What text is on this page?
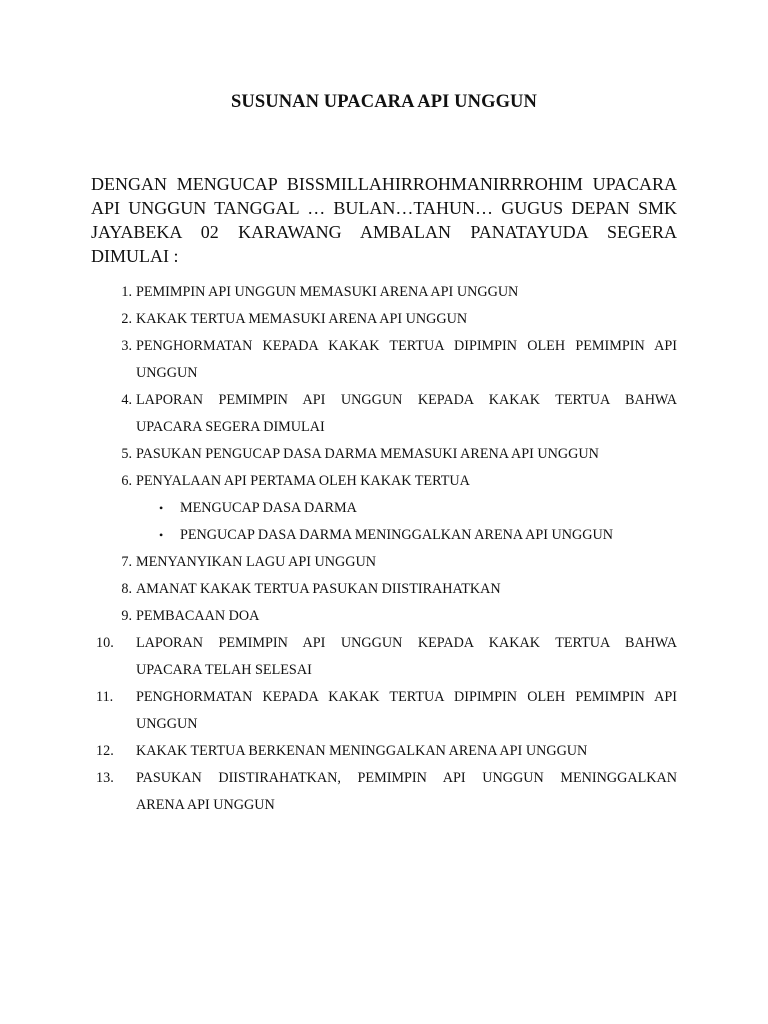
SUSUNAN UPACARA API UNGGUN
DENGAN MENGUCAP BISSMILLAHIRROHMANIRRROHIM UPACARA
API UNGGUN TANGGAL … BULAN…TAHUN… GUGUS DEPAN SMK
JAYABEKA 02 KARAWANG AMBALAN PANATAYUDA SEGERA
DIMULAI :
1. PEMIMPIN API UNGGUN MEMASUKI ARENA API UNGGUN
2. KAKAK TERTUA MEMASUKI ARENA API UNGGUN
3. PENGHORMATAN KEPADA KAKAK TERTUA DIPIMPIN OLEH PEMIMPIN API
UNGGUN
4. LAPORAN PEMIMPIN API UNGGUN KEPADA KAKAK TERTUA BAHWA
UPACARA SEGERA DIMULAI
5. PASUKAN PENGUCAP DASA DARMA MEMASUKI ARENA API UNGGUN
6. PENYALAAN API PERTAMA OLEH KAKAK TERTUA
• MENGUCAP DASA DARMA
• PENGUCAP DASA DARMA MENINGGALKAN ARENA API UNGGUN
7. MENYANYIKAN LAGU API UNGGUN
8. AMANAT KAKAK TERTUA PASUKAN DIISTIRAHATKAN
9. PEMBACAAN DOA
10.	LAPORAN PEMIMPIN API UNGGUN KEPADA KAKAK TERTUA BAHWA
UPACARA TELAH SELESAI
11.	PENGHORMATAN KEPADA KAKAK TERTUA DIPIMPIN OLEH PEMIMPIN API
UNGGUN
12.	KAKAK TERTUA BERKENAN MENINGGALKAN ARENA API UNGGUN
13.	PASUKAN DIISTIRAHATKAN, PEMIMPIN API UNGGUN MENINGGALKAN
ARENA API UNGGUN
